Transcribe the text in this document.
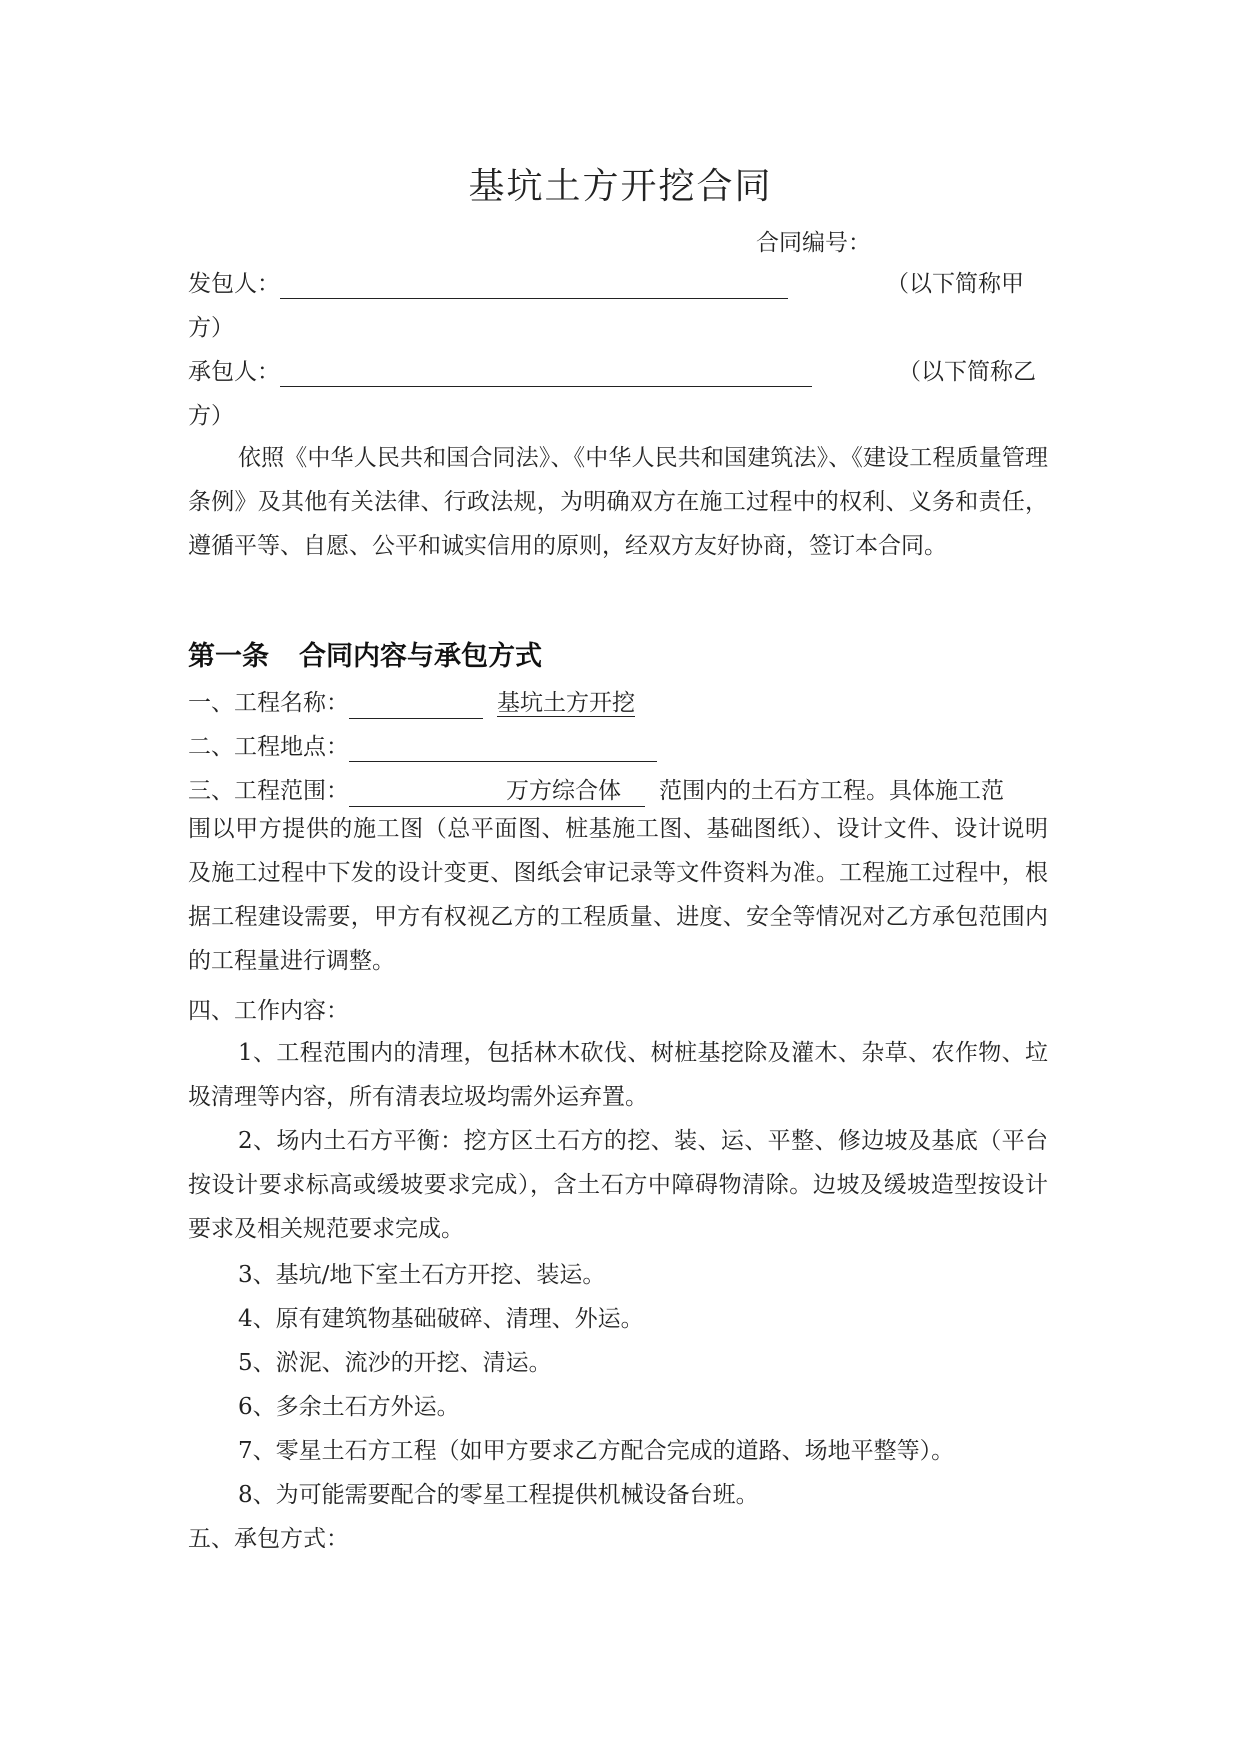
基坑土方开挖合同
合同编号：
发包人：	（以下简称甲
方）
承包人：	（以下简称乙
方）
依照《中华人民共和国合同法》、《中华人民共和国建筑法》、《建设工程质量管理条例》及其他有关法律、行政法规，为明确双方在施工过程中的权利、义务和责任，遵循平等、自愿、公平和诚实信用的原则，经双方友好协商，签订本合同。
第一条 合同内容与承包方式
一、工程名称：	基坑土方开挖
二、工程地点：
三、工程范围：	万方综合体 范围内的土石方工程。具体施工范
围以甲方提供的施工图（总平面图、桩基施工图、基础图纸）、设计文件、设计说明及施工过程中下发的设计变更、图纸会审记录等文件资料为准。工程施工过程中，根据工程建设需要，甲方有权视乙方的工程质量、进度、安全等情况对乙方承包范围内的工程量进行调整。
四、工作内容：
1、工程范围内的清理，包括林木砍伐、树桩基挖除及灌木、杂草、农作物、垃圾清理等内容，所有清表垃圾均需外运弃置。
2、场内土石方平衡：挖方区土石方的挖、装、运、平整、修边坡及基底（平台按设计要求标高或缓坡要求完成），含土石方中障碍物清除。边坡及缓坡造型按设计要求及相关规范要求完成。
3、基坑/地下室土石方开挖、装运。
4、原有建筑物基础破碎、清理、外运。
5、淤泥、流沙的开挖、清运。
6、多余土石方外运。
7、零星土石方工程（如甲方要求乙方配合完成的道路、场地平整等）。
8、为可能需要配合的零星工程提供机械设备台班。
五、承包方式：
